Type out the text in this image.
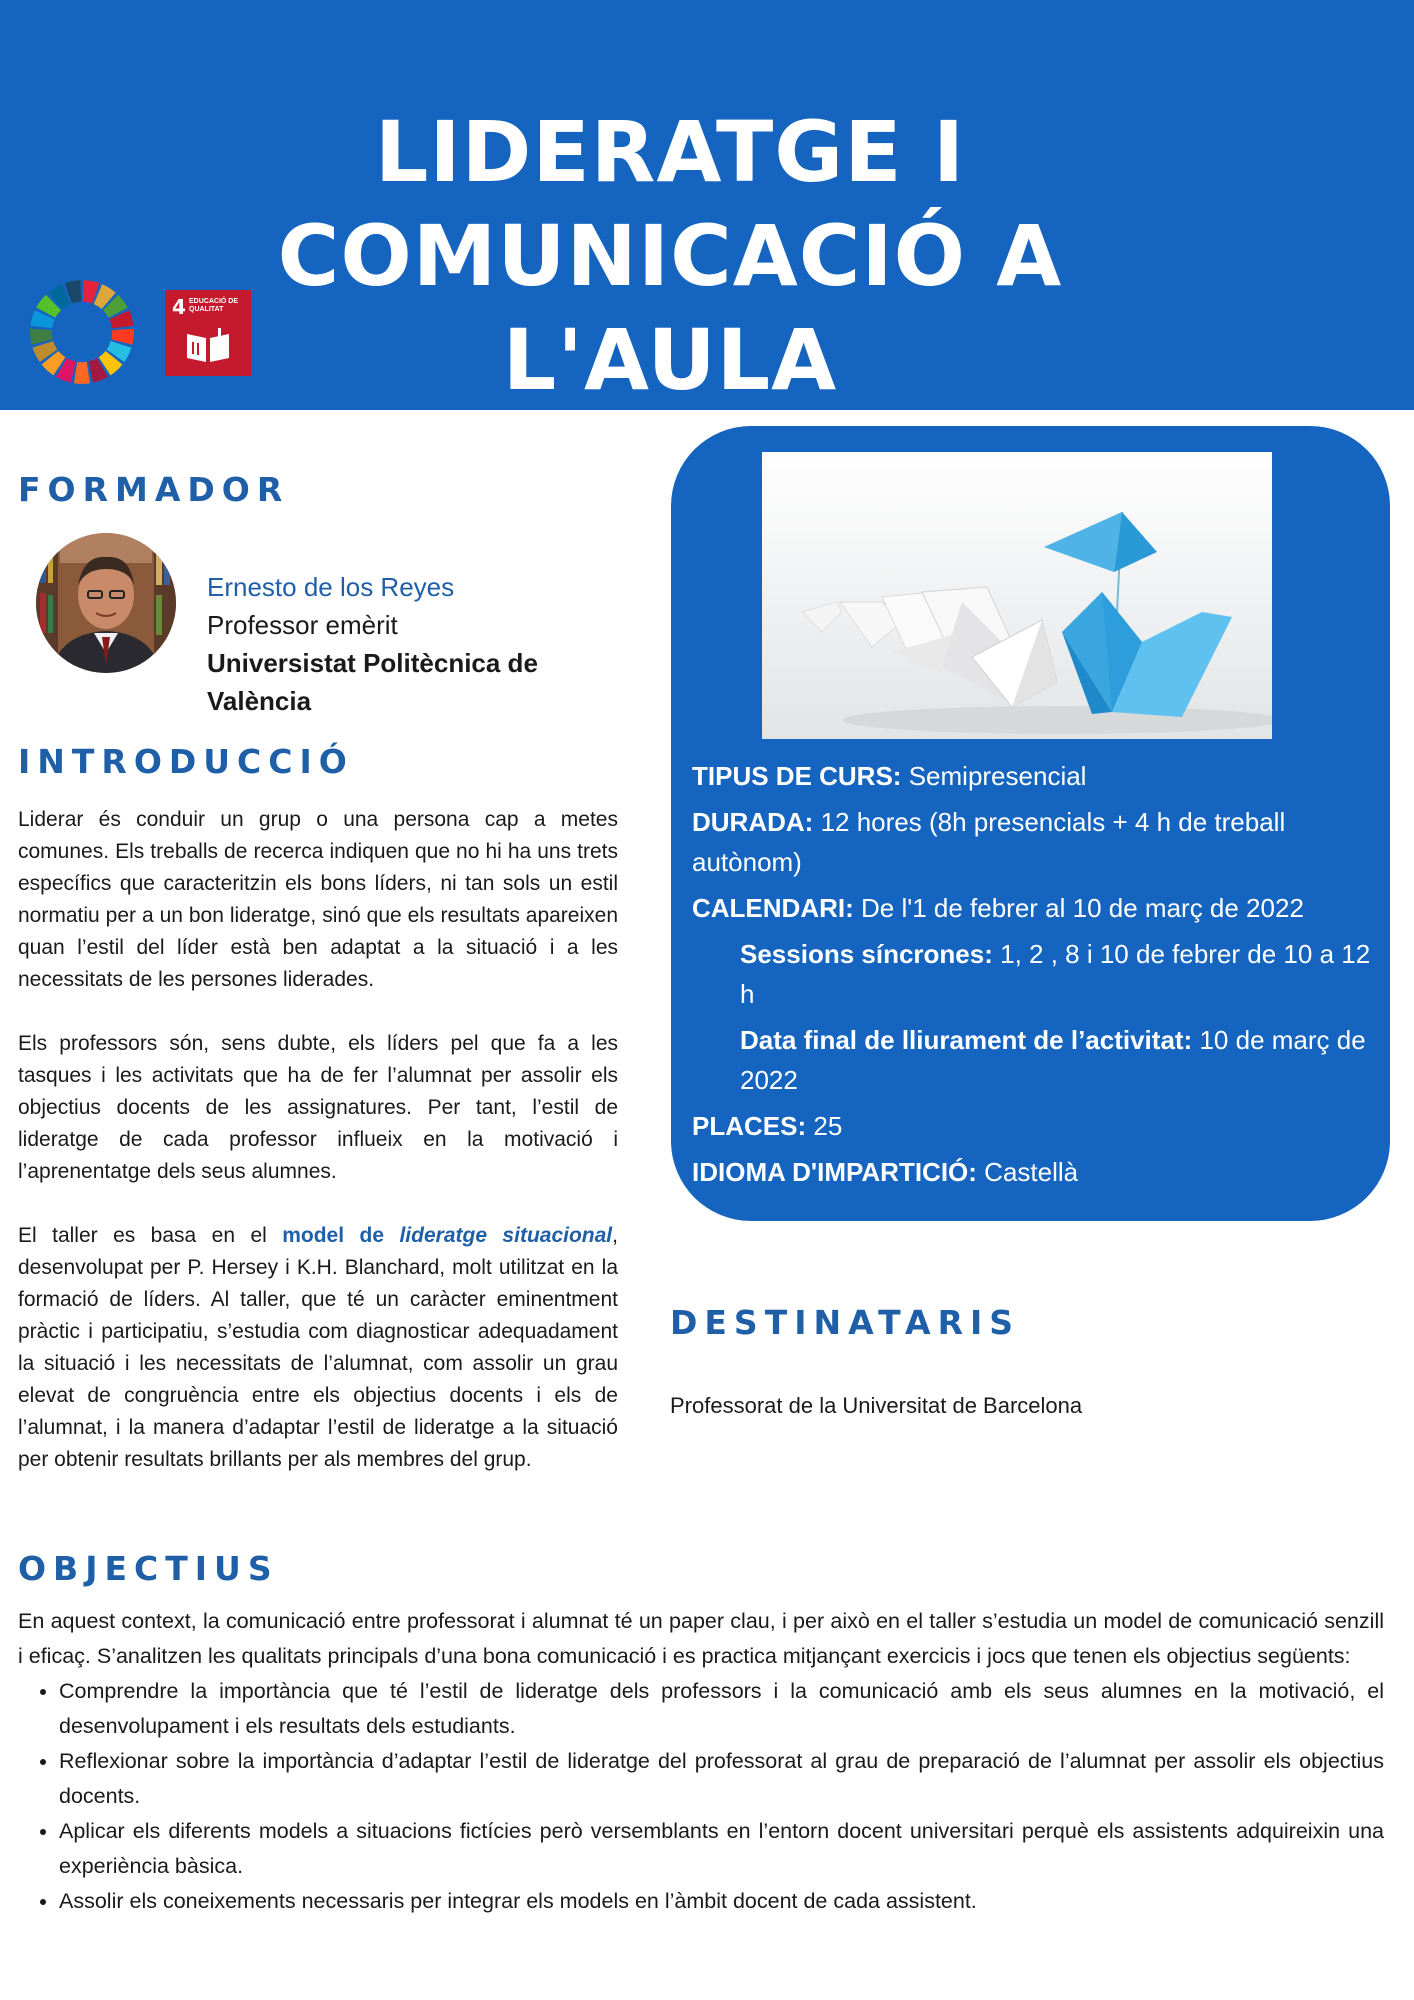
LIDERATGE I COMUNICACIÓ A
L'AULA
4 EDUCACIÓ DE QUALITAT
FORMADOR
Ernesto de los Reyes
Professor emèrit
Universistat Politècnica de València
INTRODUCCIÓ

Liderar és conduir un grup o una persona cap a metes comunes. Els treballs de recerca indiquen que no hi ha uns trets específics que caracteritzin els bons líders, ni tan sols un estil normatiu per a un bon lideratge, sinó que els resultats apareixen quan l’estil del líder està ben adaptat a la situació i a les necessitats de les persones liderades.

Els professors són, sens dubte, els líders pel que fa a les tasques i les activitats que ha de fer l’alumnat per assolir els objectius docents de les assignatures. Per tant, l’estil de lideratge de cada professor influeix en la motivació i l’aprenentatge dels seus alumnes.

El taller es basa en el model de lideratge situacional, desenvolupat per P. Hersey i K.H. Blanchard, molt utilitzat en la formació de líders. Al taller, que té un caràcter eminentment pràctic i participatiu, s’estudia com diagnosticar adequadament la situació i les necessitats de l’alumnat, com assolir un grau elevat de congruència entre els objectius docents i els de l’alumnat, i la manera d’adaptar l’estil de lideratge a la situació per obtenir resultats brillants per als membres del grup.

TIPUS DE CURS: Semipresencial
DURADA: 12 hores (8h presencials + 4 h de treball autònom)
CALENDARI: De l'1 de febrer al 10 de març de 2022
Sessions síncrones: 1, 2 , 8 i 10 de febrer de 10 a 12 h
Data final de lliurament de l’activitat: 10 de març de 2022
PLACES: 25
IDIOMA D'IMPARTICIÓ: Castellà
DESTINATARIS
Professorat de la Universitat de Barcelona
OBJECTIUS

En aquest context, la comunicació entre professorat i alumnat té un paper clau, i per això en el taller s’estudia un model de comunicació senzill i eficaç. S’analitzen les qualitats principals d’una bona comunicació i es practica mitjançant exercicis i jocs que tenen els objectius següents:

• Comprendre la importància que té l’estil de lideratge dels professors i la comunicació amb els seus alumnes en la motivació, el desenvolupament i els resultats dels estudiants.
• Reflexionar sobre la importància d’adaptar l’estil de lideratge del professorat al grau de preparació de l’alumnat per assolir els objectius docents.
• Aplicar els diferents models a situacions fictícies però versemblants en l’entorn docent universitari perquè els assistents adquireixin una experiència bàsica.
• Assolir els coneixements necessaris per integrar els models en l’àmbit docent de cada assistent.
